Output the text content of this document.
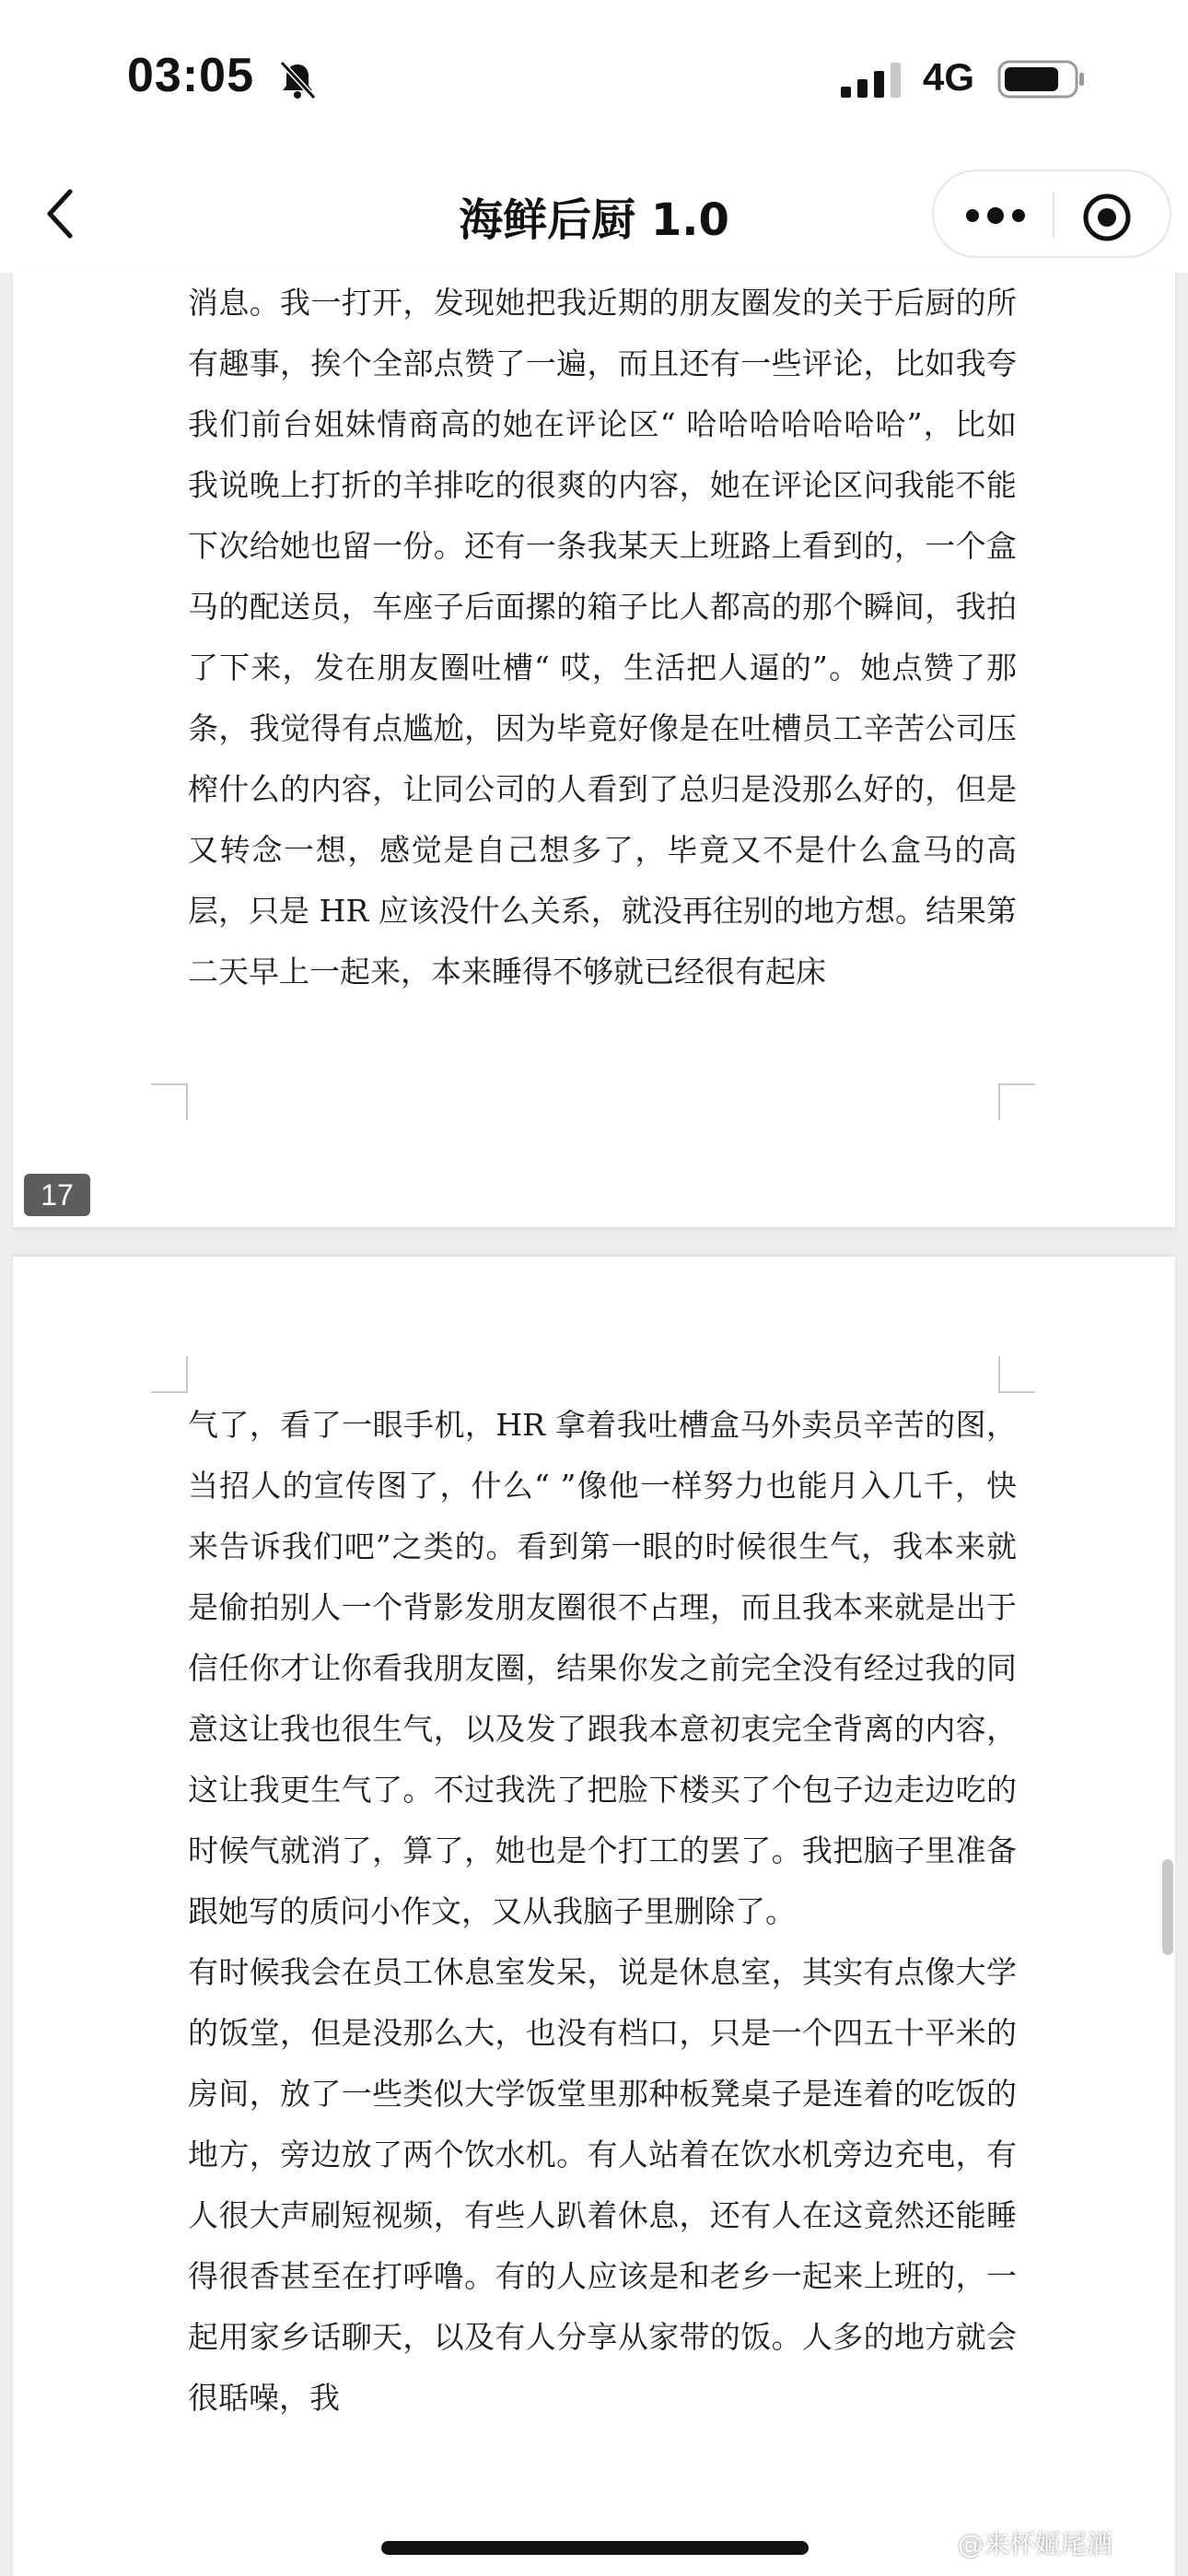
03:05	4G
海鲜后厨 1.0

消息。我一打开，发现她把我近期的朋友圈发的关于后厨的所有趣事，挨个全部点赞了一遍，而且还有一些评论，比如我夸我们前台姐妹情商高的她在评论区“ 哈哈哈哈哈哈哈”，比如我说晚上打折的羊排吃的很爽的内容，她在评论区问我能不能下次给她也留一份。还有一条我某天上班路上看到的，一个盒马的配送员，车座子后面摞的箱子比人都高的那个瞬间，我拍了下来，发在朋友圈吐槽“ 哎，生活把人逼的”。她点赞了那条，我觉得有点尴尬，因为毕竟好像是在吐槽员工辛苦公司压榨什么的内容，让同公司的人看到了总归是没那么好的，但是又转念一想，感觉是自己想多了，毕竟又不是什么盒马的高层，只是 HR 应该没什么关系，就没再往别的地方想。结果第二天早上一起来，本来睡得不够就已经很有起床

17

气了，看了一眼手机，HR 拿着我吐槽盒马外卖员辛苦的图，当招人的宣传图了，什么“ ”像他一样努力也能月入几千，快来告诉我们吧”之类的。看到第一眼的时候很生气，我本来就是偷拍别人一个背影发朋友圈很不占理，而且我本来就是出于信任你才让你看我朋友圈，结果你发之前完全没有经过我的同意这让我也很生气，以及发了跟我本意初衷完全背离的内容，这让我更生气了。不过我洗了把脸下楼买了个包子边走边吃的时候气就消了，算了，她也是个打工的罢了。我把脑子里准备跟她写的质问小作文，又从我脑子里删除了。

有时候我会在员工休息室发呆，说是休息室，其实有点像大学的饭堂，但是没那么大，也没有档口，只是一个四五十平米的房间，放了一些类似大学饭堂里那种板凳桌子是连着的吃饭的地方，旁边放了两个饮水机。有人站着在饮水机旁边充电，有人很大声刷短视频，有些人趴着休息，还有人在这竟然还能睡得很香甚至在打呼噜。有的人应该是和老乡一起来上班的，一起用家乡话聊天，以及有人分享从家带的饭。人多的地方就会很聒噪，我

@来杯姬尾酒
